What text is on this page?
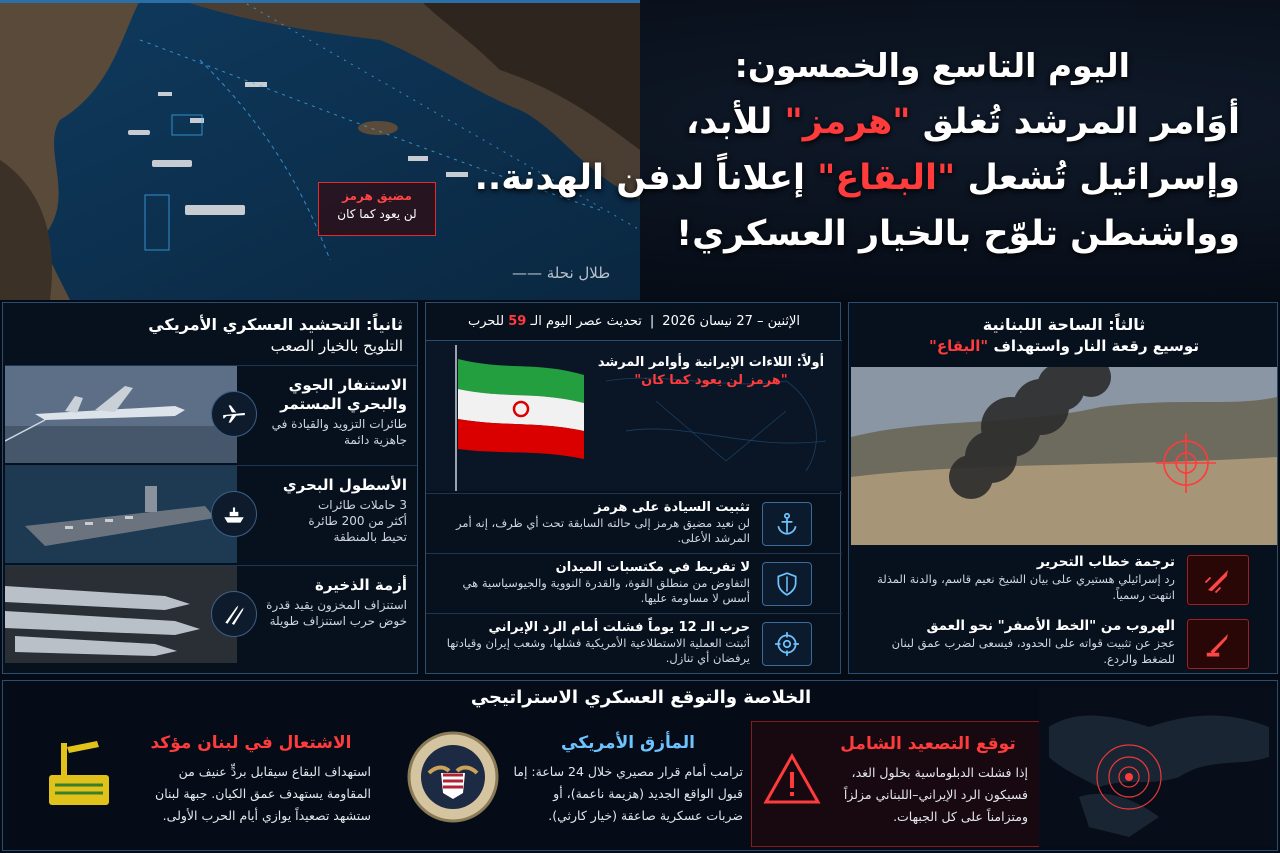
مضيق هرمز
لن يعود كما كان
اليوم التاسع والخمسون:
أوَامر المرشد تُغلق "هرمز" للأبد،
وإسرائيل تُشعل "البقاع" إعلاناً لدفن الهدنة..
وواشنطن تلوّح بالخيار العسكري!
طلال نحلة ——
ثانياً: التحشيد العسكري الأمريكي
التلويح بالخيار الصعب
الاستنفار الجوي والبحري المستمر
طائرات التزويد والقيادة في جاهزية دائمة
الأسطول البحري
3 حاملات طائرات
أكثر من 200 طائرة
تحيط بالمنطقة
أزمة الذخيرة
استنزاف المخزون يقيد قدرة خوض حرب استنزاف طويلة
الإثنين – 27 نيسان 2026
|
تحديث عصر اليوم الـ 59 للحرب
أولاً: اللاءات الإيرانية وأوامر المرشد
"هرمز لن يعود كما كان"
تثبيت السيادة على هرمز
لن نعيد مضيق هرمز إلى حالته السابقة تحت أي ظرف، إنه أمر المرشد الأعلى.
لا تفريط في مكتسبات الميدان
التفاوض من منطلق القوة، والقدرة النووية والجيوسياسية هي أسس لا مساومة عليها.
حرب الـ 12 يوماً فشلت أمام الرد الإيراني
أثبتت العملية الاستطلاعية الأمريكية فشلها، وشعب إيران وقيادتها يرفضان أي تنازل.
ثالثاً: الساحة اللبنانية
توسيع رقعة النار واستهداف "البقاع"
ترجمة خطاب التحرير
رد إسرائيلي هستيري على بيان الشيخ نعيم قاسم، والدنة المذلة انتهت رسمياً.
الهروب من "الخط الأصفر" نحو العمق
عجز عن تثبيت قواته على الحدود، فيسعى لضرب عمق لبنان للضغط والردع.
الخلاصة والتوقع العسكري الاستراتيجي
الاشتعال في لبنان مؤكد
استهداف البقاع سيقابل بردٍّ عنيف من المقاومة يستهدف عمق الكيان. جبهة لبنان ستشهد تصعيداً يوازي أيام الحرب الأولى.
المأزق الأمريكي
ترامب أمام قرار مصيري خلال 24 ساعة: إما قبول الواقع الجديد (هزيمة ناعمة)، أو ضربات عسكرية صاعقة (خيار كارثي).
توقع التصعيد الشامل
إذا فشلت الدبلوماسية بخلول الغد، فسيكون الرد الإيراني–اللبناني مزلزاً ومتزامناً على كل الجبهات.
